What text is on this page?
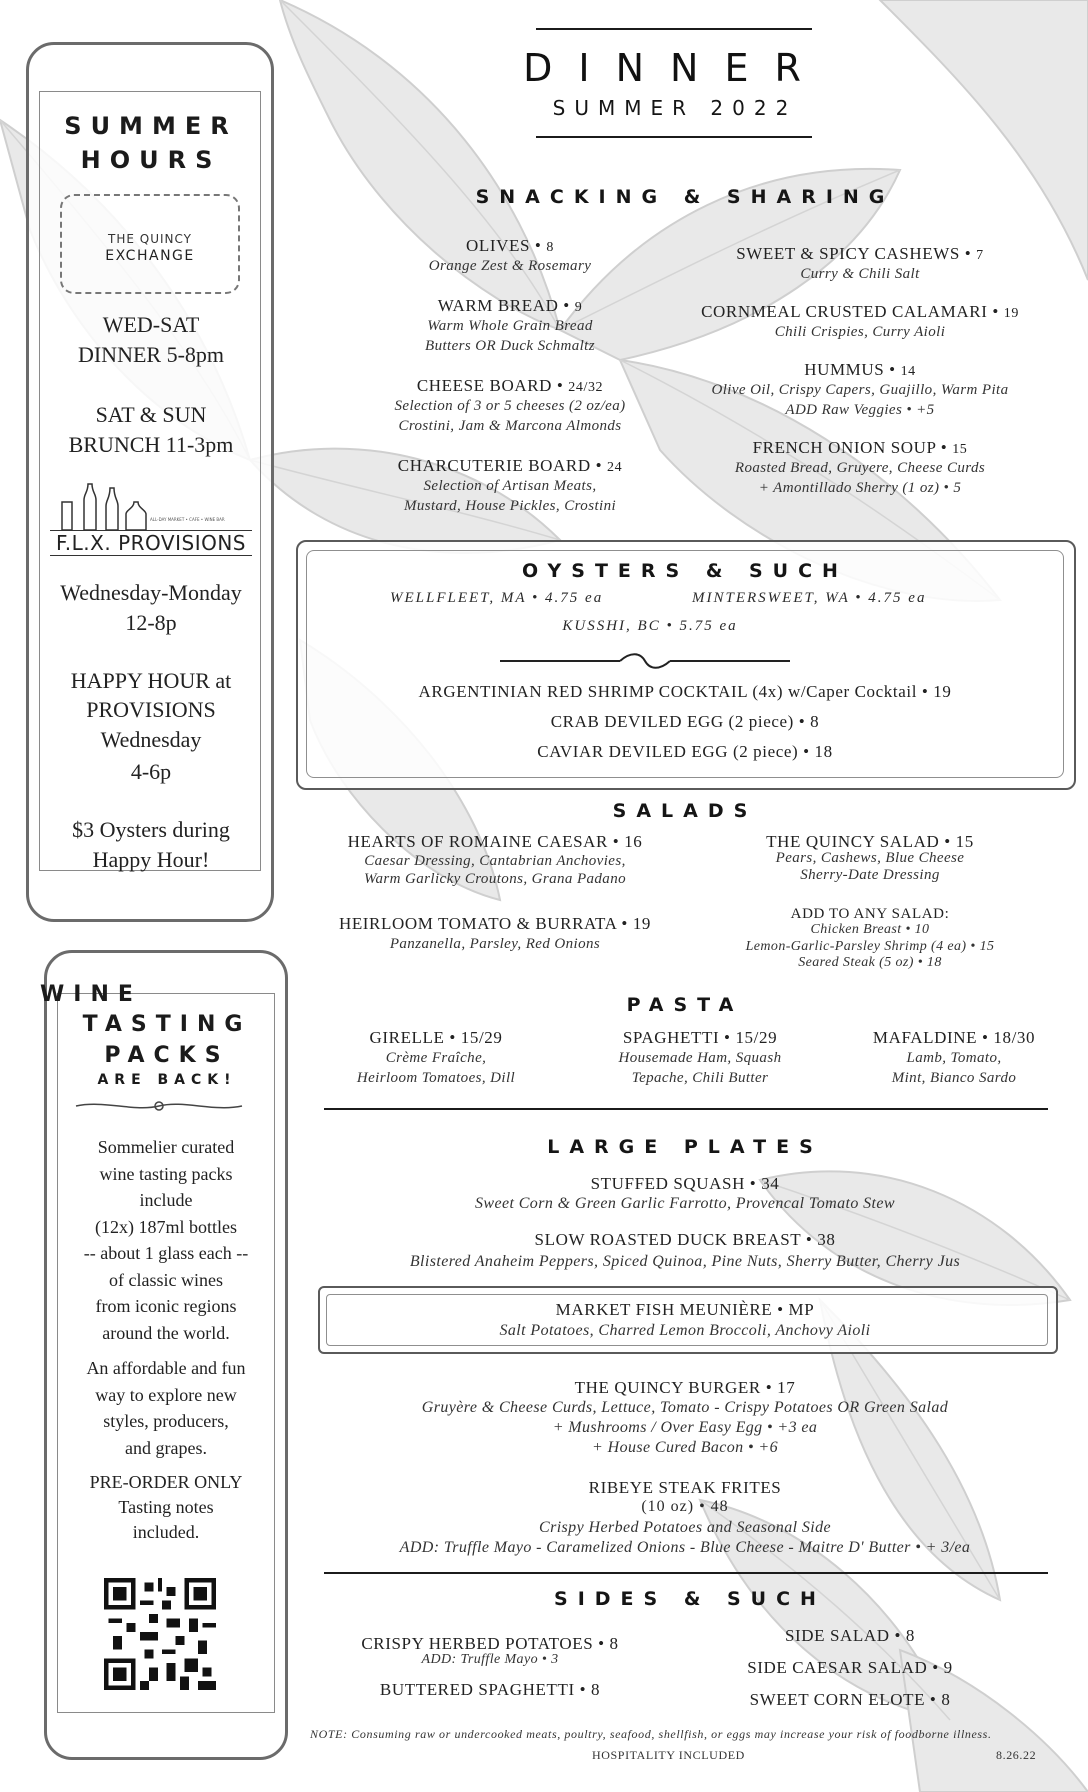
SUMMER
HOURS
THE QUINCY
EXCHANGE
WED-SAT
DINNER 5-8pm
SAT & SUN
BRUNCH 11-3pm
F.L.X. PROVISIONS
ALL-DAY MARKET • CAFE • WINE BAR
Wednesday-Monday
12-8p
HAPPY HOUR at
PROVISIONS
Wednesday
4-6p
$3 Oysters during
Happy Hour!
WINE
TASTING
PACKS
ARE BACK!
Sommelier curated
wine tasting packs
include
(12x) 187ml bottles
-- about 1 glass each --
of classic wines
from iconic regions
around the world.
An affordable and fun
way to explore new
styles, producers,
and grapes.
PRE-ORDER ONLY
Tasting notes
included.
DINNER
SUMMER 2022
SNACKING & SHARING
OLIVES • 8
Orange Zest & Rosemary
WARM BREAD • 9
Warm Whole Grain Bread
Butters OR Duck Schmaltz
CHEESE BOARD • 24/32
Selection of 3 or 5 cheeses (2 oz/ea)
Crostini, Jam & Marcona Almonds
CHARCUTERIE BOARD • 24
Selection of Artisan Meats,
Mustard, House Pickles, Crostini
SWEET & SPICY CASHEWS • 7
Curry & Chili Salt
CORNMEAL CRUSTED CALAMARI • 19
Chili Crispies, Curry Aioli
HUMMUS • 14
Olive Oil, Crispy Capers, Guajillo, Warm Pita
ADD Raw Veggies • +5
FRENCH ONION SOUP • 15
Roasted Bread, Gruyere, Cheese Curds
+ Amontillado Sherry (1 oz) • 5
OYSTERS & SUCH
WELLFLEET, MA • 4.75 ea	MINTERSWEET, WA • 4.75 ea
KUSSHI, BC • 5.75 ea
ARGENTINIAN RED SHRIMP COCKTAIL (4x) w/Caper Cocktail • 19
CRAB DEVILED EGG (2 piece) • 8
CAVIAR DEVILED EGG (2 piece) • 18
SALADS
HEARTS OF ROMAINE CAESAR • 16
Caesar Dressing, Cantabrian Anchovies,
Warm Garlicky Croutons, Grana Padano
HEIRLOOM TOMATO & BURRATA • 19
Panzanella, Parsley, Red Onions
THE QUINCY SALAD • 15
Pears, Cashews, Blue Cheese
Sherry-Date Dressing
ADD TO ANY SALAD:
Chicken Breast • 10
Lemon-Garlic-Parsley Shrimp (4 ea) • 15
Seared Steak (5 oz) • 18
PASTA
GIRELLE • 15/29
Crème Fraîche,
Heirloom Tomatoes, Dill
SPAGHETTI • 15/29
Housemade Ham, Squash
Tepache, Chili Butter
MAFALDINE • 18/30
Lamb, Tomato,
Mint, Bianco Sardo
LARGE PLATES
STUFFED SQUASH • 34
Sweet Corn & Green Garlic Farrotto, Provencal Tomato Stew
SLOW ROASTED DUCK BREAST • 38
Blistered Anaheim Peppers, Spiced Quinoa, Pine Nuts, Sherry Butter, Cherry Jus
MARKET FISH MEUNIÈRE • MP
Salt Potatoes, Charred Lemon Broccoli, Anchovy Aioli
THE QUINCY BURGER • 17
Gruyère & Cheese Curds, Lettuce, Tomato - Crispy Potatoes OR Green Salad
+ Mushrooms / Over Easy Egg • +3 ea
+ House Cured Bacon • +6
RIBEYE STEAK FRITES
(10 oz) • 48
Crispy Herbed Potatoes and Seasonal Side
ADD: Truffle Mayo - Caramelized Onions - Blue Cheese - Maitre D' Butter • + 3/ea
SIDES & SUCH
CRISPY HERBED POTATOES • 8
ADD: Truffle Mayo • 3
BUTTERED SPAGHETTI • 8
SIDE SALAD • 8
SIDE CAESAR SALAD • 9
SWEET CORN ELOTE • 8
NOTE: Consuming raw or undercooked meats, poultry, seafood, shellfish, or eggs may increase your risk of foodborne illness.
HOSPITALITY INCLUDED	8.26.22
